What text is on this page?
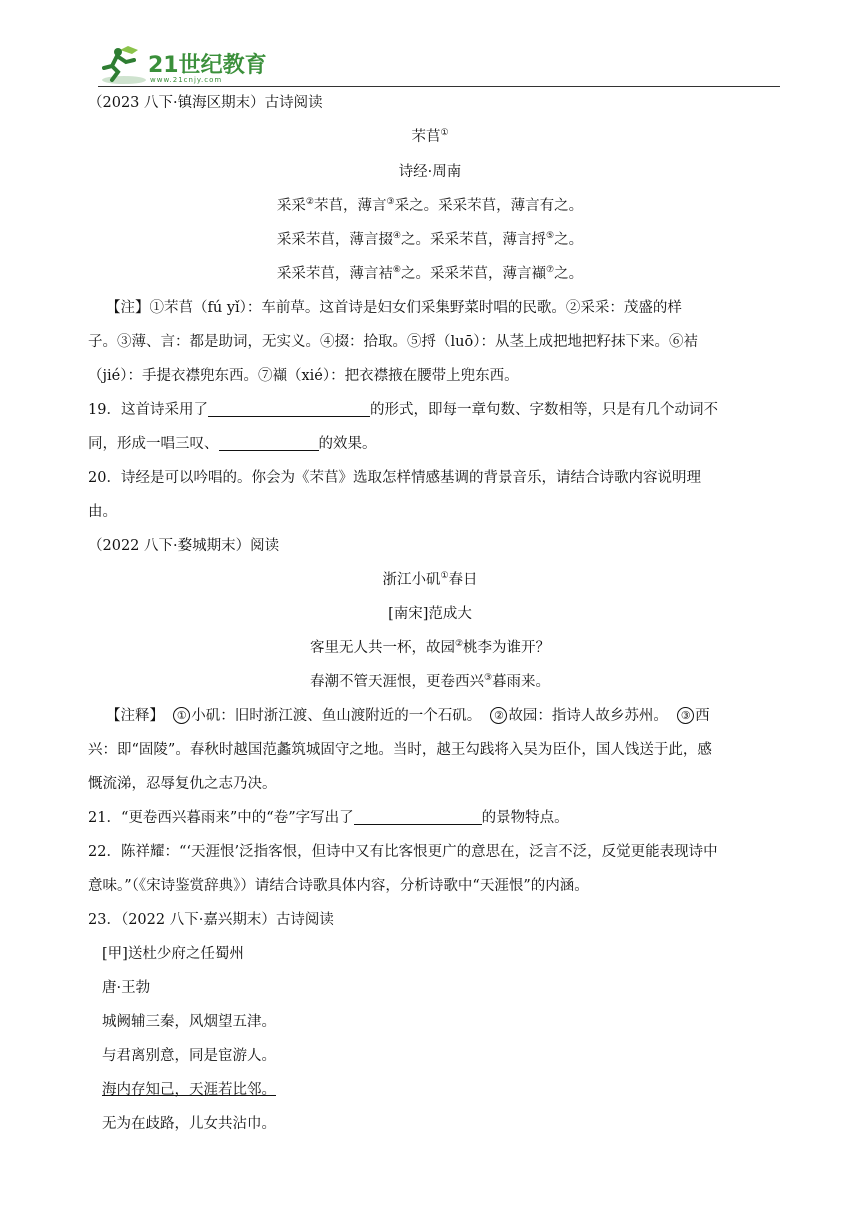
21世纪教育
www.21cnjy.com
（2023 八下·镇海区期末）古诗阅读
芣苢①
诗经·周南
采采②芣苢，薄言③采之。采采芣苢，薄言有之。
采采芣苢，薄言掇④之。采采芣苢，薄言捋⑤之。
采采芣苢，薄言袺⑥之。采采芣苢，薄言襭⑦之。
【注】①芣苢（fú yǐ）：车前草。这首诗是妇女们采集野菜时唱的民歌。②采采：茂盛的样
子。③薄、言：都是助词，无实义。④掇：拾取。⑤捋（luō）：从茎上成把地把籽抹下来。⑥袺
（jié）：手提衣襟兜东西。⑦襭（xié）：把衣襟掖在腰带上兜东西。
19．这首诗采用了	的形式，即每一章句数、字数相等，只是有几个动词不
同，形成一唱三叹、	的效果。
20．诗经是可以吟唱的。你会为《芣苢》选取怎样情感基调的背景音乐，请结合诗歌内容说明理
由。
（2022 八下·婺城期末）阅读
浙江小矶①春日
[南宋]范成大
客里无人共一杯，故园②桃李为谁开？
春潮不管天涯恨，更卷西兴③暮雨来。
【注释】 ① 小矶：旧时浙江渡、鱼山渡附近的一个石矶。 ② 故园：指诗人故乡苏州。 ③ 西
兴：即“固陵”。春秋时越国范蠡筑城固守之地。当时，越王勾践将入吴为臣仆，国人饯送于此，感
慨流涕，忍辱复仇之志乃决。
21．“更卷西兴暮雨来”中的“卷”字写出了	的景物特点。
22．陈祥耀：“‘天涯恨’泛指客恨，但诗中又有比客恨更广的意思在，泛言不泛，反觉更能表现诗中
意味。”（《宋诗鉴赏辞典》）请结合诗歌具体内容，分析诗歌中“天涯恨”的内涵。
23．（2022 八下·嘉兴期末）古诗阅读
[甲]送杜少府之任蜀州
唐·王勃
城阙辅三秦，风烟望五津。
与君离别意，同是宦游人。
海内存知己，天涯若比邻。
无为在歧路，儿女共沾巾。
